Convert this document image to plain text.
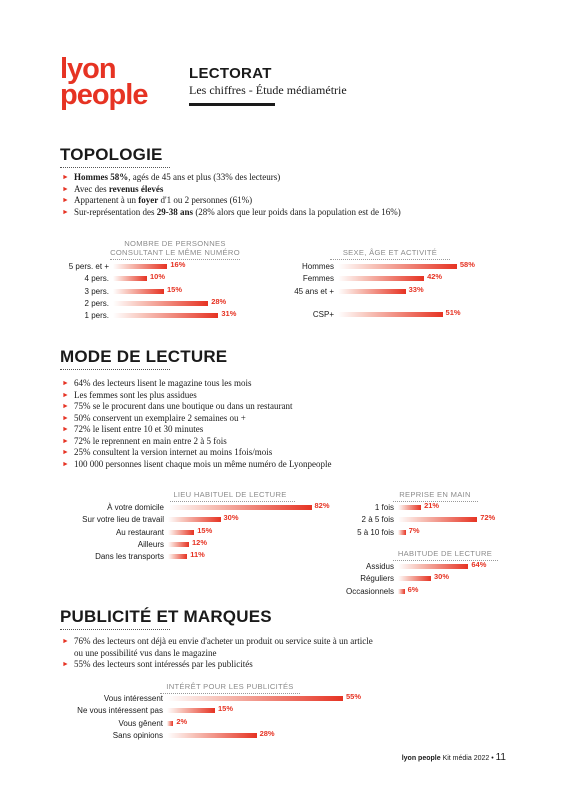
lyon
people
LECTORAT
Les chiffres - Étude médiamétrie
TOPOLOGIE
► Hommes 58%, agés de 45 ans et plus (33% des lecteurs)
► Avec des revenus élevés
► Appartenent à un foyer d'1 ou 2 personnes (61%)
► Sur-représentation des 29-38 ans (28% alors que leur poids dans la population est de 16%)
NOMBRE DE PERSONNES
CONSULTANT LE MÊME NUMÉRO
5 pers. et +	16%
4 pers.	10%
3 pers.	15%
2 pers.	28%
1 pers.	31%
SEXE, ÂGE ET ACTIVITÉ
Hommes	58%
Femmes	42%
45 ans et +	33%
CSP+	51%
MODE DE LECTURE
► 64% des lecteurs lisent le magazine tous les mois
► Les femmes sont les plus assidues
► 75% se le procurent dans une boutique ou dans un restaurant
► 50% conservent un exemplaire 2 semaines ou +
► 72% le lisent entre 10 et 30 minutes
► 72% le reprennent en main entre 2 à 5 fois
► 25% consultent la version internet au moins 1fois/mois
► 100 000 personnes lisent chaque mois un même numéro de Lyonpeople
LIEU HABITUEL DE LECTURE
À votre domicile	82%
Sur votre lieu de travail	30%
Au restaurant	15%
Ailleurs	12%
Dans les transports	11%
REPRISE EN MAIN
1 fois	21%
2 à 5 fois	72%
5 à 10 fois 7%
HABITUDE DE LECTURE
Assidus	64%
Réguliers	30%
Occasionnels 6%
PUBLICITÉ ET MARQUES
► 76% des lecteurs ont déjà eu envie d'acheter un produit ou service suite à un article
ou une possibilité vus dans le magazine
► 55% des lecteurs sont intéressés par les publicités
INTÉRÊT POUR LES PUBLICITÉS
Vous intéressent	55%
Ne vous intéressent pas	15%
Vous gênent 2%
Sans opinions	28%
lyon people Kit média 2022 • 11
